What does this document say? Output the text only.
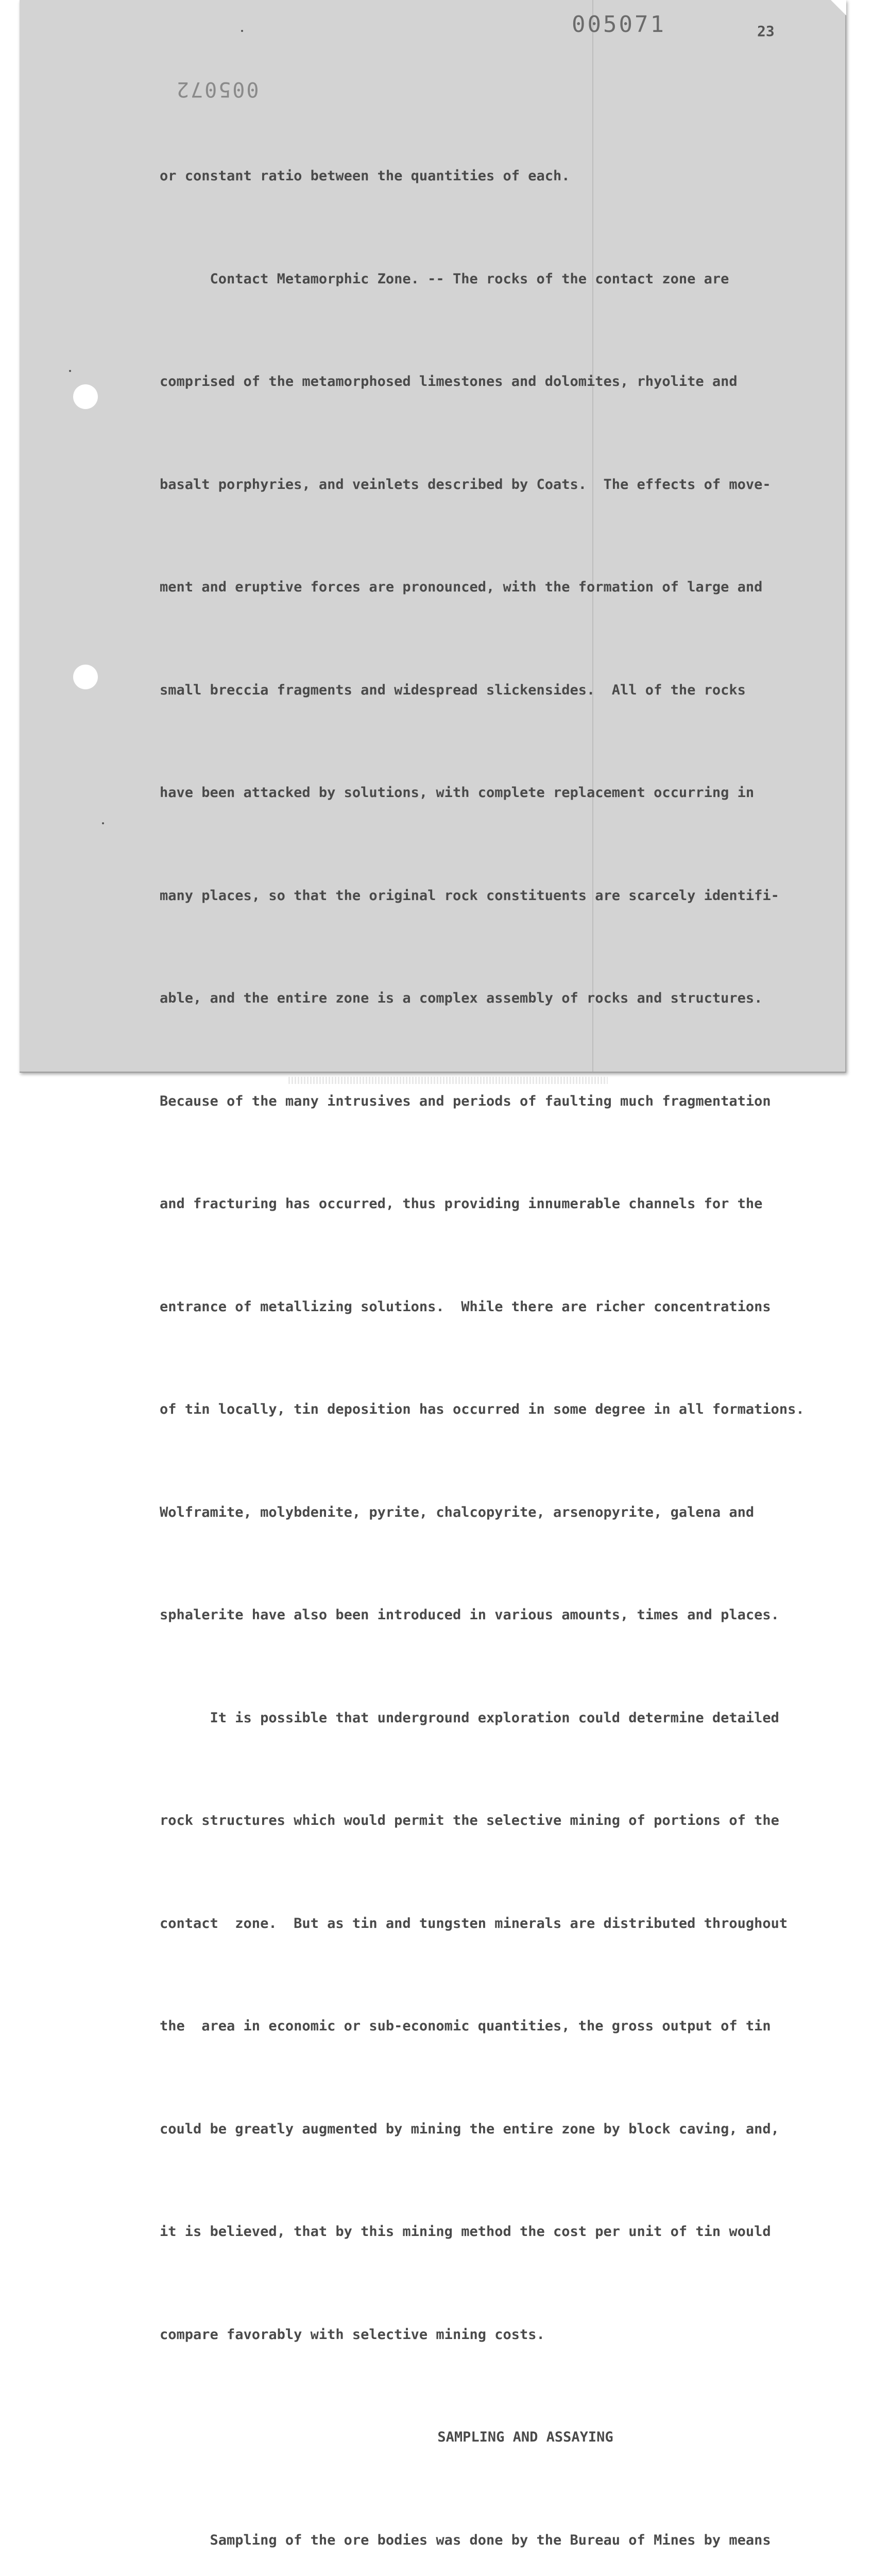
005071
005072
23

or constant ratio between the quantities of each.

Contact Metamorphic Zone. -- The rocks of the contact zone are

comprised of the metamorphosed limestones and dolomites, rhyolite and

basalt porphyries, and veinlets described by Coats.  The effects of move-

ment and eruptive forces are pronounced, with the formation of large and

small breccia fragments and widespread slickensides.  All of the rocks

have been attacked by solutions, with complete replacement occurring in

many places, so that the original rock constituents are scarcely identifi-

able, and the entire zone is a complex assembly of rocks and structures.

Because of the many intrusives and periods of faulting much fragmentation

and fracturing has occurred, thus providing innumerable channels for the

entrance of metallizing solutions.  While there are richer concentrations

of tin locally, tin deposition has occurred in some degree in all formations.

Wolframite, molybdenite, pyrite, chalcopyrite, arsenopyrite, galena and

sphalerite have also been introduced in various amounts, times and places.

It is possible that underground exploration could determine detailed

rock structures which would permit the selective mining of portions of the

contact  zone.  But as tin and tungsten minerals are distributed throughout

the  area in economic or sub-economic quantities, the gross output of tin

could be greatly augmented by mining the entire zone by block caving, and,

it is believed, that by this mining method the cost per unit of tin would

compare favorably with selective mining costs.

SAMPLING AND ASSAYING

Sampling of the ore bodies was done by the Bureau of Mines by means
